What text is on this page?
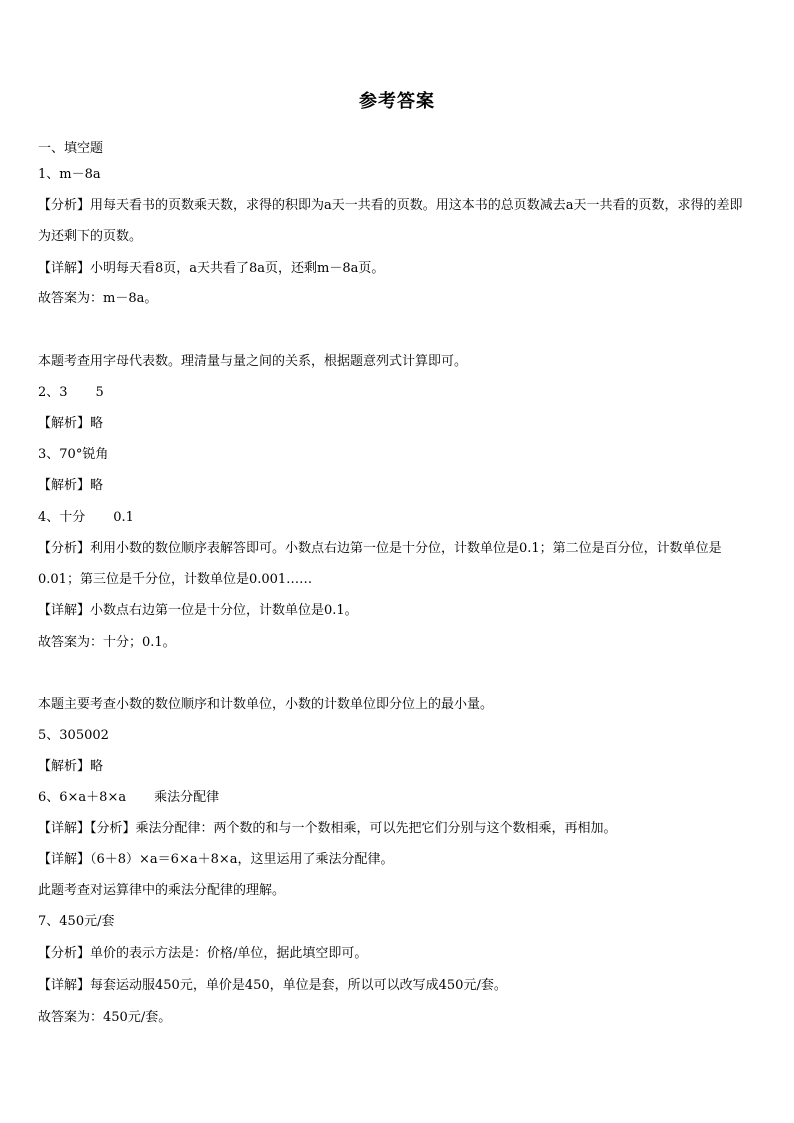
参考答案
一、填空题
1、m－8a
【分析】用每天看书的页数乘天数，求得的积即为a天一共看的页数。用这本书的总页数减去a天一共看的页数，求得的差即为还剩下的页数。
【详解】小明每天看8页，a天共看了8a页，还剩m－8a页。
故答案为：m－8a。
本题考查用字母代表数。理清量与量之间的关系，根据题意列式计算即可。
2、3 5
【解析】略
3、70°锐角
【解析】略
4、十分 0.1
【分析】利用小数的数位顺序表解答即可。小数点右边第一位是十分位，计数单位是0.1；第二位是百分位，计数单位是0.01；第三位是千分位，计数单位是0.001……
【详解】小数点右边第一位是十分位，计数单位是0.1。
故答案为：十分；0.1。
本题主要考查小数的数位顺序和计数单位，小数的计数单位即分位上的最小量。
5、305002
【解析】略
6、6×a＋8×a 乘法分配律
【详解】【分析】乘法分配律：两个数的和与一个数相乘，可以先把它们分别与这个数相乘，再相加。
【详解】（6＋8）×a＝6×a＋8×a，这里运用了乘法分配律。
此题考查对运算律中的乘法分配律的理解。
7、450元/套
【分析】单价的表示方法是：价格/单位，据此填空即可。
【详解】每套运动服450元，单价是450，单位是套，所以可以改写成450元/套。
故答案为：450元/套。
